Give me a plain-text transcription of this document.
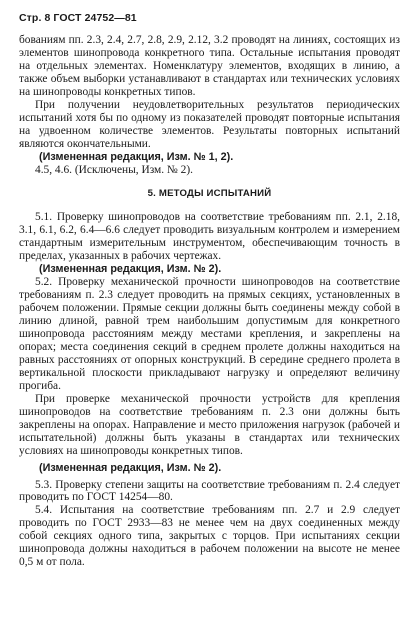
Стр. 8 ГОСТ 24752—81

бованиям пп. 2.3, 2.4, 2.7, 2.8, 2.9, 2.12, 3.2 проводят на линиях, состоящих из элементов шинопровода конкретного типа. Остальные испытания проводят на отдельных элементах. Номенклатуру элементов, входящих в линию, а также объем выборки устанавливают в стандартах или технических условиях на шинопроводы конкретных типов.

При получении неудовлетворительных результатов периодических испытаний хотя бы по одному из показателей проводят повторные испытания на удвоенном количестве элементов. Результаты повторных испытаний являются окончательными.

(Измененная редакция, Изм. № 1, 2).

4.5, 4.6. (Исключены, Изм. № 2).

5. МЕТОДЫ ИСПЫТАНИЙ

5.1. Проверку шинопроводов на соответствие требованиям пп. 2.1, 2.18, 3.1, 6.1, 6.2, 6.4—6.6 следует проводить визуальным контролем и измерением стандартным измерительным инструментом, обеспечивающим точность в пределах, указанных в рабочих чертежах.

(Измененная редакция, Изм. № 2).

5.2. Проверку механической прочности шинопроводов на соответствие требованиям п. 2.3 следует проводить на прямых секциях, установленных в рабочем положении. Прямые секции должны быть соединены между собой в линию длиной, равной трем наибольшим допустимым для конкретного шинопровода расстояниям между местами крепления, и закреплены на опорах; места соединения секций в среднем пролете должны находиться на равных расстояниях от опорных конструкций. В середине среднего пролета в вертикальной плоскости прикладывают нагрузку и определяют величину прогиба.

При проверке механической прочности устройств для крепления шинопроводов на соответствие требованиям п. 2.3 они должны быть закреплены на опорах. Направление и место приложения нагрузок (рабочей и испытательной) должны быть указаны в стандартах или технических условиях на шинопроводы конкретных типов.

(Измененная редакция, Изм. № 2).

5.3. Проверку степени защиты на соответствие требованиям п. 2.4 следует проводить по ГОСТ 14254—80.

5.4. Испытания на соответствие требованиям пп. 2.7 и 2.9 следует проводить по ГОСТ 2933—83 не менее чем на двух соединенных между собой секциях одного типа, закрытых с торцов. При испытаниях секции шинопровода должны находиться в рабочем положении на высоте не менее 0,5 м от пола.
